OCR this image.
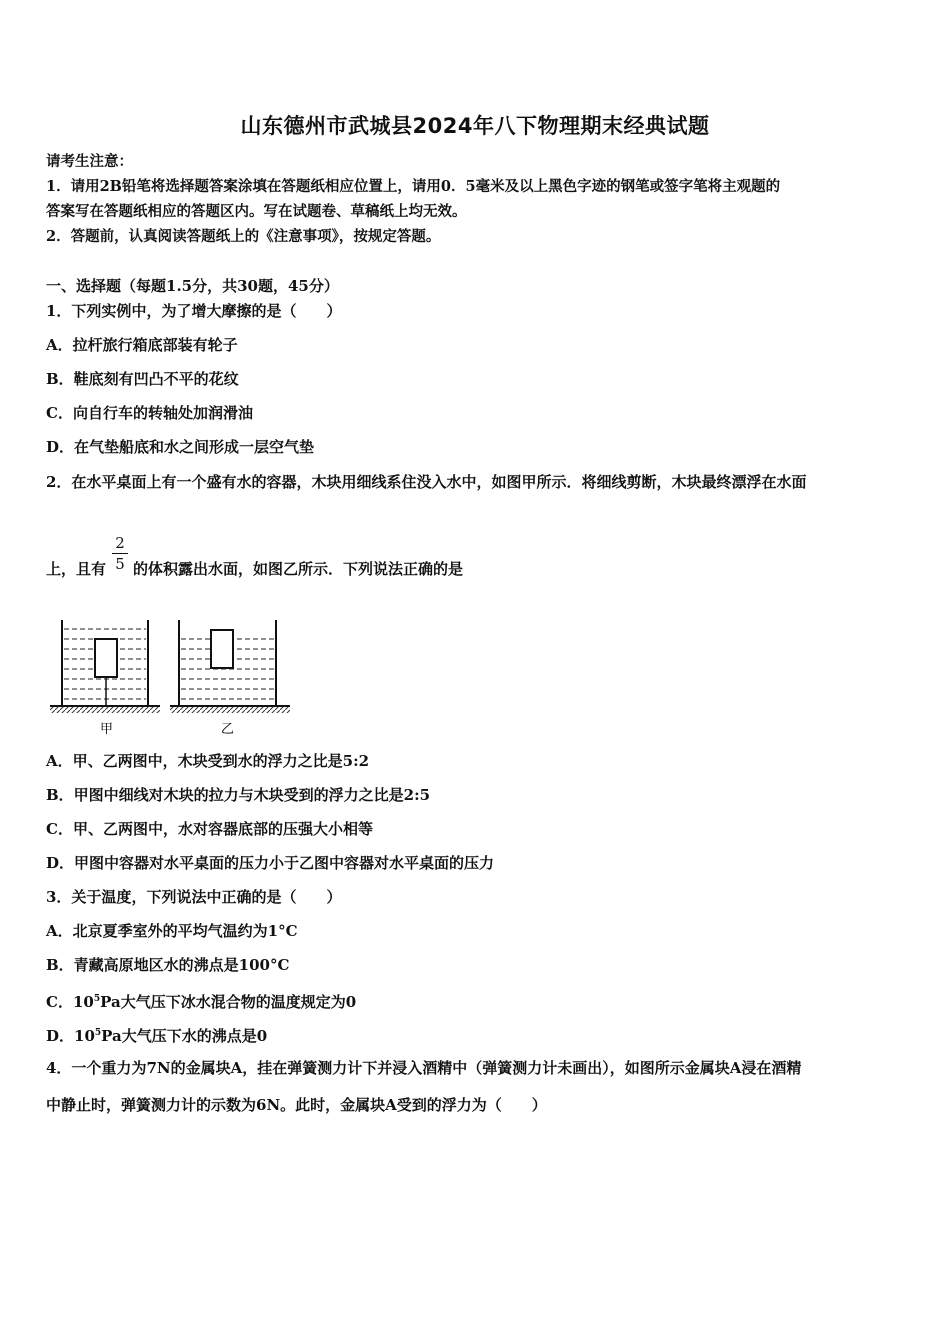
山东德州市武城县2024年八下物理期末经典试题
请考生注意：
1．请用2B铅笔将选择题答案涂填在答题纸相应位置上，请用0．5毫米及以上黑色字迹的钢笔或签字笔将主观题的
答案写在答题纸相应的答题区内。写在试题卷、草稿纸上均无效。
2．答题前，认真阅读答题纸上的《注意事项》，按规定答题。
一、选择题（每题1.5分，共30题，45分）
1．下列实例中，为了增大摩擦的是（　　）
A．拉杆旅行箱底部装有轮子
B．鞋底刻有凹凸不平的花纹
C．向自行车的转轴处加润滑油
D．在气垫船底和水之间形成一层空气垫
2．在水平桌面上有一个盛有水的容器，木块用细线系住没入水中，如图甲所示．将细线剪断，木块最终漂浮在水面
上，且有
2
5 的体积露出水面，如图乙所示．下列说法正确的是
甲	乙
A．甲、乙两图中，木块受到水的浮力之比是5:2
B．甲图中细线对木块的拉力与木块受到的浮力之比是2:5
C．甲、乙两图中，水对容器底部的压强大小相等
D．甲图中容器对水平桌面的压力小于乙图中容器对水平桌面的压力
3．关于温度，下列说法中正确的是（　　）
A．北京夏季室外的平均气温约为1°C
B．青藏高原地区水的沸点是100°C
C．$10^5Pa$大气压下冰水混合物的温度规定为0
D．$10^5Pa$大气压下水的沸点是0
4．一个重力为7N的金属块A，挂在弹簧测力计下并浸入酒精中（弹簧测力计未画出），如图所示金属块A浸在酒精
中静止时，弹簧测力计的示数为6N。此时，金属块A受到的浮力为（　　）
